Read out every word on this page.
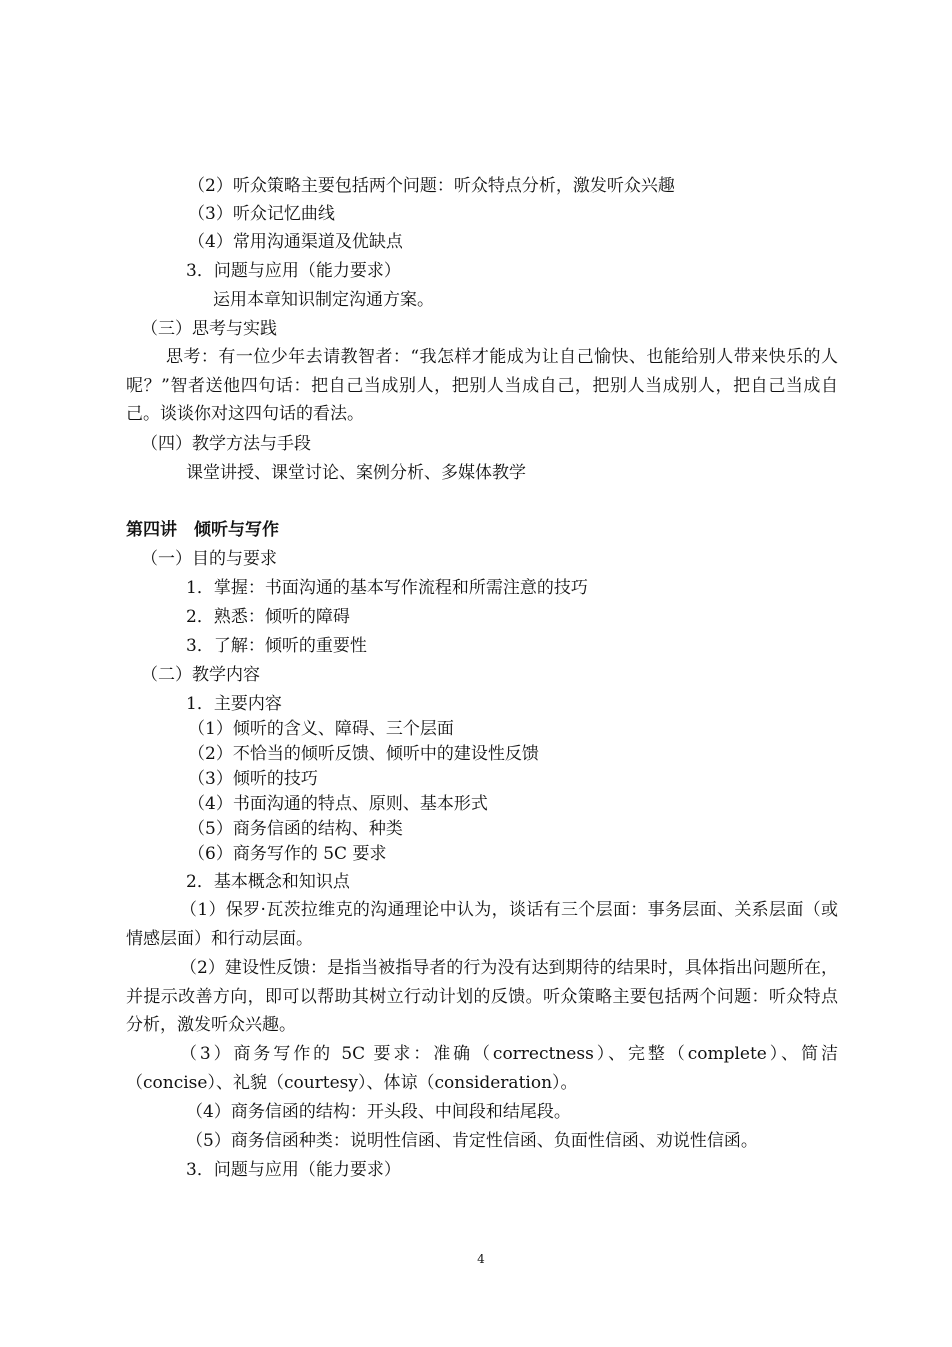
（2）听众策略主要包括两个问题：听众特点分析，激发听众兴趣
（3）听众记忆曲线
（4）常用沟通渠道及优缺点
3．问题与应用（能力要求）
运用本章知识制定沟通方案。
（三）思考与实践
思考：有一位少年去请教智者：“我怎样才能成为让自己愉快、也能给别人带来快乐的人呢？”智者送他四句话：把自己当成别人，把别人当成自己，把别人当成别人，把自己当成自己。谈谈你对这四句话的看法。
（四）教学方法与手段
课堂讲授、课堂讨论、案例分析、多媒体教学
第四讲　倾听与写作
（一）目的与要求
1．掌握：书面沟通的基本写作流程和所需注意的技巧
2．熟悉：倾听的障碍
3．了解：倾听的重要性
（二）教学内容
1．主要内容
（1）倾听的含义、障碍、三个层面
（2）不恰当的倾听反馈、倾听中的建设性反馈
（3）倾听的技巧
（4）书面沟通的特点、原则、基本形式
（5）商务信函的结构、种类
（6）商务写作的 5C 要求
2．基本概念和知识点
（1）保罗·瓦茨拉维克的沟通理论中认为，谈话有三个层面：事务层面、关系层面（或情感层面）和行动层面。
（2）建设性反馈：是指当被指导者的行为没有达到期待的结果时，具体指出问题所在，并提示改善方向，即可以帮助其树立行动计划的反馈。听众策略主要包括两个问题：听众特点分析，激发听众兴趣。
（3）商务写作的 5C 要求：准确（correctness）、完整（complete）、简洁（concise）、礼貌（courtesy）、体谅（consideration）。
（4）商务信函的结构：开头段、中间段和结尾段。
（5）商务信函种类：说明性信函、肯定性信函、负面性信函、劝说性信函。
3．问题与应用（能力要求）
4
